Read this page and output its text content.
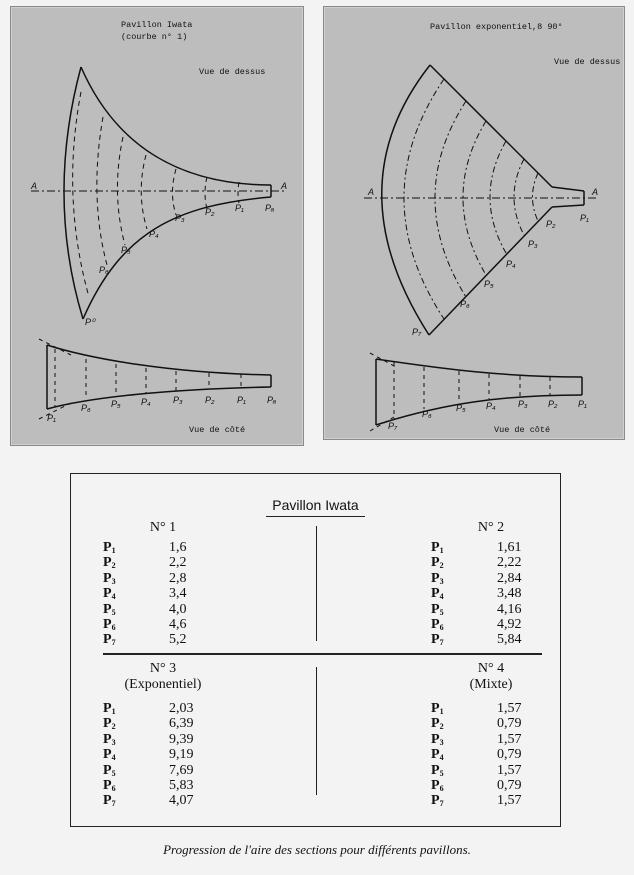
Pavillon Iwata
(courbe n° 1)
Vue de dessus
Vue de côté
A	A
P⁰
P₆
P₅
P₄
P₃
P₂ P₁ Pₐ
P₁
P₆ P₅ P₄ P₃ P₂	P₁ Pₐ
Pavillon exponentiel,8 90°
Vue de dessus
Vue de côté
A	A
P₇
P₆
P₅
P₄
P₃
P₂
P₁
P₇
P₆
P₅ P₄ P₃ P₂ P₁
Pavillon Iwata
N° 1
$P_1$	1,6
$P_2$	2,2
$P_3$	2,8
$P_4$	3,4
$P_5$	4,0
$P_6$	4,6
$P_7$	5,2
N° 2
$P_1$	1,61
$P_2$	2,22
$P_3$	2,84
$P_4$	3,48
$P_5$	4,16
$P_6$	4,92
$P_7$	5,84
N° 3
(Exponentiel)
$P_1$	2,03
$P_2$	6,39
$P_3$	9,39
$P_4$	9,19
$P_5$	7,69
$P_6$	5,83
$P_7$	4,07
N° 4
(Mixte)
$P_1$	1,57
$P_2$	0,79
$P_3$	1,57
$P_4$	0,79
$P_5$	1,57
$P_6$	0,79
$P_7$	1,57
Progression de l'aire des sections pour différents pavillons.
